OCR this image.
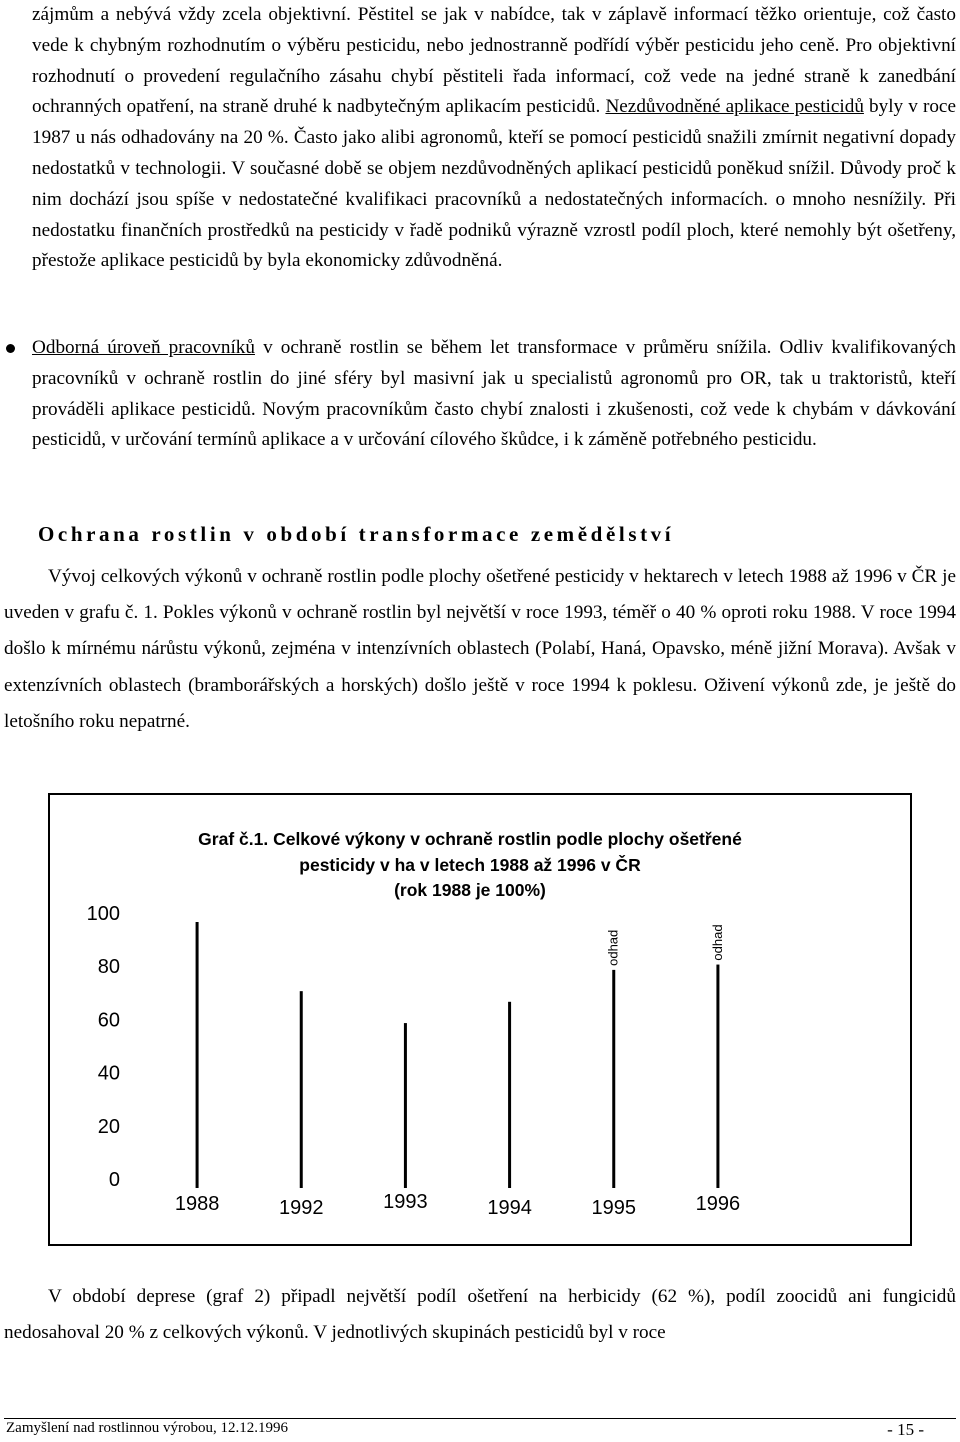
zájmům a nebývá vždy zcela objektivní. Pěstitel se jak v nabídce, tak v záplavě informací těžko orientuje, což často vede k chybným rozhodnutím o výběru pesticidu, nebo jednostranně podřídí výběr pesticidu jeho ceně. Pro objektivní rozhodnutí o provedení regulačního zásahu chybí pěstiteli řada informací, což vede na jedné straně k zanedbání ochranných opatření, na straně druhé k nadbytečným aplikacím pesticidů. Nezdůvodněné aplikace pesticidů byly v roce 1987 u nás odhadovány na 20 %. Často jako alibi agronomů, kteří se pomocí pesticidů snažili zmírnit negativní dopady nedostatků v technologii. V současné době se objem nezdůvodněných aplikací pesticidů poněkud snížil. Důvody proč k nim dochází jsou spíše v nedostatečné kvalifikaci pracovníků a nedostatečných informacích. o mnoho nesnížily. Při nedostatku finančních prostředků na pesticidy v řadě podniků výrazně vzrostl podíl ploch, které nemohly být ošetřeny, přestože aplikace pesticidů by byla ekonomicky zdůvodněná.

Odborná úroveň pracovníků v ochraně rostlin se během let transformace v průměru snížila. Odliv kvalifikovaných pracovníků v ochraně rostlin do jiné sféry byl masivní jak u specialistů agronomů pro OR, tak u traktoristů, kteří prováděli aplikace pesticidů. Novým pracovníkům často chybí znalosti i zkušenosti, což vede k chybám v dávkování pesticidů, v určování termínů aplikace a v určování cílového škůdce, i k záměně potřebného pesticidu.

Ochrana rostlin v období transformace zemědělství

Vývoj celkových výkonů v ochraně rostlin podle plochy ošetřené pesticidy v hektarech v letech 1988 až 1996 v ČR je uveden v grafu č. 1. Pokles výkonů v ochraně rostlin byl největší v roce 1993, téměř o 40 % oproti roku 1988. V roce 1994 došlo k mírnému nárůstu výkonů, zejména v intenzívních oblastech (Polabí, Haná, Opavsko, méně jižní Morava). Avšak v extenzívních oblastech (bramborářských a horských) došlo ještě v roce 1994 k poklesu. Oživení výkonů zde, je ještě do letošního roku nepatrné.

Graf č.1. Celkové výkony v ochraně rostlin podle plochy ošetřené
pesticidy v ha v letech 1988 až 1996 v ČR
(rok 1988 je 100%)
0
20
40
60
80
100
1988	1992	1993	1994	1995
odhad
1996
odhad

V období deprese (graf 2) připadl největší podíl ošetření na herbicidy (62 %), podíl zoocidů ani fungicidů nedosahoval 20 % z celkových výkonů. V jednotlivých skupinách pesticidů byl v roce

Zamyšlení nad rostlinnou výrobou, 12.12.1996	- 15 -
